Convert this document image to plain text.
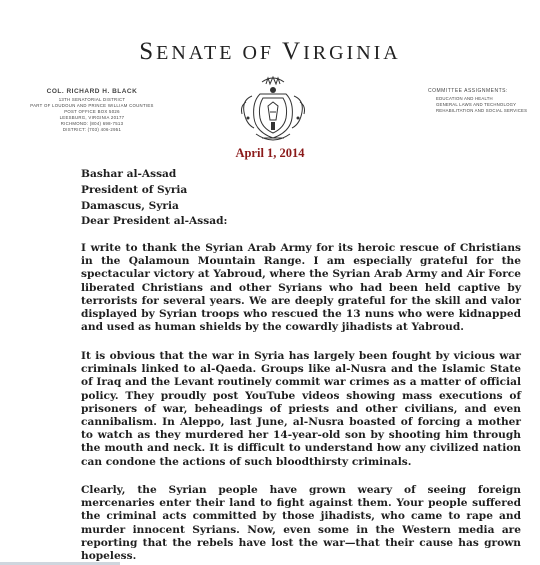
SENATE OF VIRGINIA
COL. RICHARD H. BLACK
13TH SENATORIAL DISTRICT
PART OF LOUDOUN AND PRINCE WILLIAM COUNTIES
POST OFFICE BOX 5026
LEESBURG, VIRGINIA 20177
RICHMOND: (804) 698-7513
DISTRICT: (703) 406-2951
COMMITTEE ASSIGNMENTS:
EDUCATION AND HEALTH
GENERAL LAWS AND TECHNOLOGY
REHABILITATION AND SOCIAL SERVICES
April 1, 2014
Bashar al-Assad
President of Syria
Damascus, Syria
Dear President al-Assad:

I write to thank the Syrian Arab Army for its heroic rescue of Christians in the Qalamoun Mountain Range. I am especially grateful for the spectacular victory at Yabroud, where the Syrian Arab Army and Air Force liberated Christians and other Syrians who had been held captive by terrorists for several years. We are deeply grateful for the skill and valor displayed by Syrian troops who rescued the 13 nuns who were kidnapped and used as human shields by the cowardly jihadists at Yabroud.

It is obvious that the war in Syria has largely been fought by vicious war criminals linked to al-Qaeda. Groups like al-Nusra and the Islamic State of Iraq and the Levant routinely commit war crimes as a matter of official policy. They proudly post YouTube videos showing mass executions of prisoners of war, beheadings of priests and other civilians, and even cannibalism. In Aleppo, last June, al-Nusra boasted of forcing a mother to watch as they murdered her 14-year-old son by shooting him through the mouth and neck. It is difficult to understand how any civilized nation can condone the actions of such bloodthirsty criminals.

Clearly, the Syrian people have grown weary of seeing foreign mercenaries enter their land to fight against them. Your people suffered the criminal acts committed by those jihadists, who came to rape and murder innocent Syrians. Now, even some in the Western media are reporting that the rebels have lost the war—that their cause has grown hopeless.
